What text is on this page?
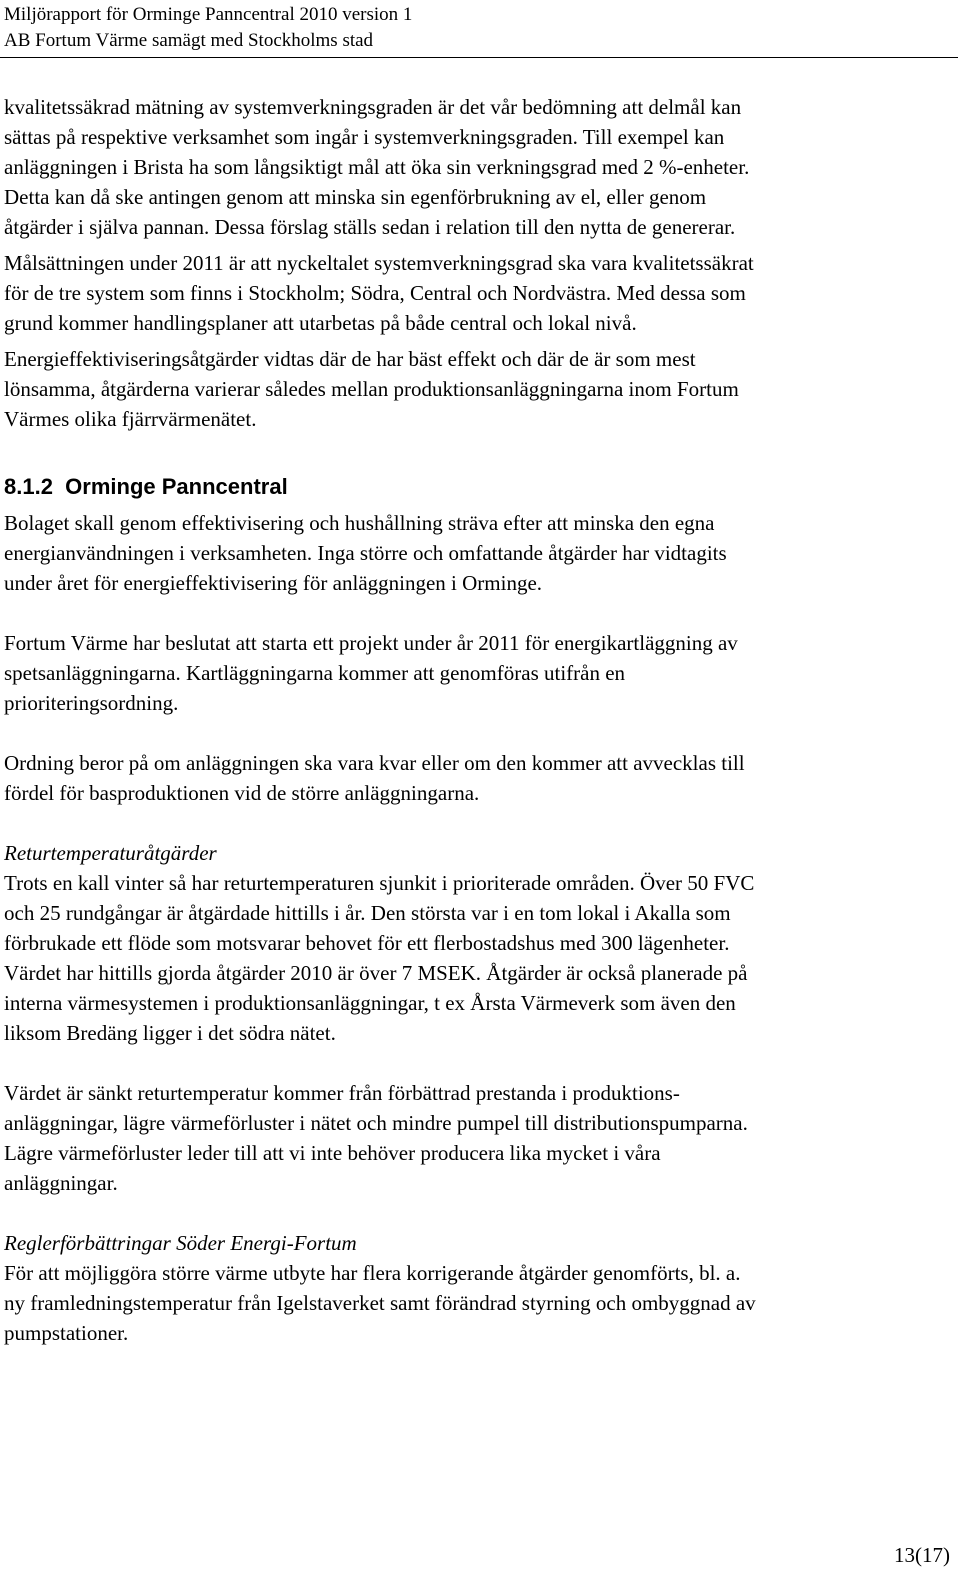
Miljörapport för Orminge Panncentral 2010 version 1
AB Fortum Värme samägt med Stockholms stad

kvalitetssäkrad mätning av systemverkningsgraden är det vår bedömning att delmål kan
sättas på respektive verksamhet som ingår i systemverkningsgraden. Till exempel kan
anläggningen i Brista ha som långsiktigt mål att öka sin verkningsgrad med 2 %-enheter.
Detta kan då ske antingen genom att minska sin egenförbrukning av el, eller genom
åtgärder i själva pannan. Dessa förslag ställs sedan i relation till den nytta de genererar.

Målsättningen under 2011 är att nyckeltalet systemverkningsgrad ska vara kvalitetssäkrat
för de tre system som finns i Stockholm; Södra, Central och Nordvästra. Med dessa som
grund kommer handlingsplaner att utarbetas på både central och lokal nivå.

Energieffektiviseringsåtgärder vidtas där de har bäst effekt och där de är som mest
lönsamma, åtgärderna varierar således mellan produktionsanläggningarna inom Fortum
Värmes olika fjärrvärmenätet.

8.1.2 Orminge Panncentral

Bolaget skall genom effektivisering och hushållning sträva efter att minska den egna
energianvändningen i verksamheten. Inga större och omfattande åtgärder har vidtagits
under året för energieffektivisering för anläggningen i Orminge.

Fortum Värme har beslutat att starta ett projekt under år 2011 för energikartläggning av
spetsanläggningarna. Kartläggningarna kommer att genomföras utifrån en
prioriteringsordning.

Ordning beror på om anläggningen ska vara kvar eller om den kommer att avvecklas till
fördel för basproduktionen vid de större anläggningarna.

Returtemperaturåtgärder

Trots en kall vinter så har returtemperaturen sjunkit i prioriterade områden. Över 50 FVC
och 25 rundgångar är åtgärdade hittills i år. Den största var i en tom lokal i Akalla som
förbrukade ett flöde som motsvarar behovet för ett flerbostadshus med 300 lägenheter.
Värdet har hittills gjorda åtgärder 2010 är över 7 MSEK. Åtgärder är också planerade på
interna värmesystemen i produktionsanläggningar, t ex Årsta Värmeverk som även den
liksom Bredäng ligger i det södra nätet.

Värdet är sänkt returtemperatur kommer från förbättrad prestanda i produktions-
anläggningar, lägre värmeförluster i nätet och mindre pumpel till distributionspumparna.
Lägre värmeförluster leder till att vi inte behöver producera lika mycket i våra
anläggningar.

Reglerförbättringar Söder Energi-Fortum

För att möjliggöra större värme utbyte har flera korrigerande åtgärder genomförts, bl. a.
ny framledningstemperatur från Igelstaverket samt förändrad styrning och ombyggnad av
pumpstationer.

13(17)
